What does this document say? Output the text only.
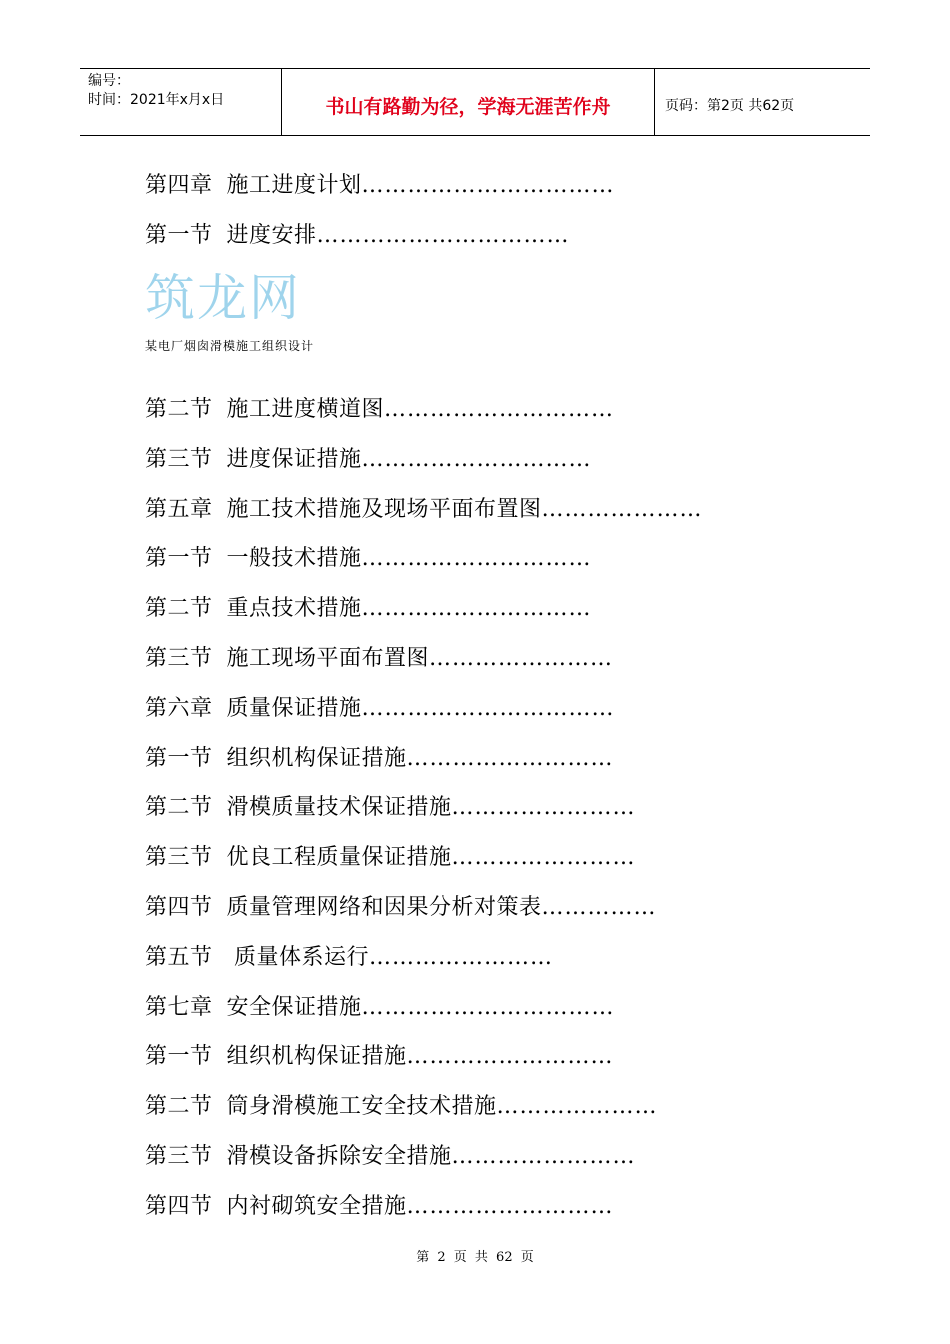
编号：
时间：2021年x月x日	书山有路勤为径，学海无涯苦作舟	页码：第2页 共62页
第四章 施工进度计划……………………………
第一节 进度安排……………………………
筑龙网
某电厂烟囱滑模施工组织设计
第二节 施工进度横道图…………………………
第三节 进度保证措施…………………………
第五章 施工技术措施及现场平面布置图…………………
第一节 一般技术措施…………………………
第二节 重点技术措施…………………………
第三节 施工现场平面布置图……………………
第六章 质量保证措施……………………………
第一节 组织机构保证措施………………………
第二节 滑模质量技术保证措施……………………
第三节 优良工程质量保证措施……………………
第四节 质量管理网络和因果分析对策表……………
第五节 质量体系运行……………………
第七章 安全保证措施……………………………
第一节 组织机构保证措施………………………
第二节 筒身滑模施工安全技术措施…………………
第三节 滑模设备拆除安全措施……………………
第四节 内衬砌筑安全措施………………………
第 2 页 共 62 页
